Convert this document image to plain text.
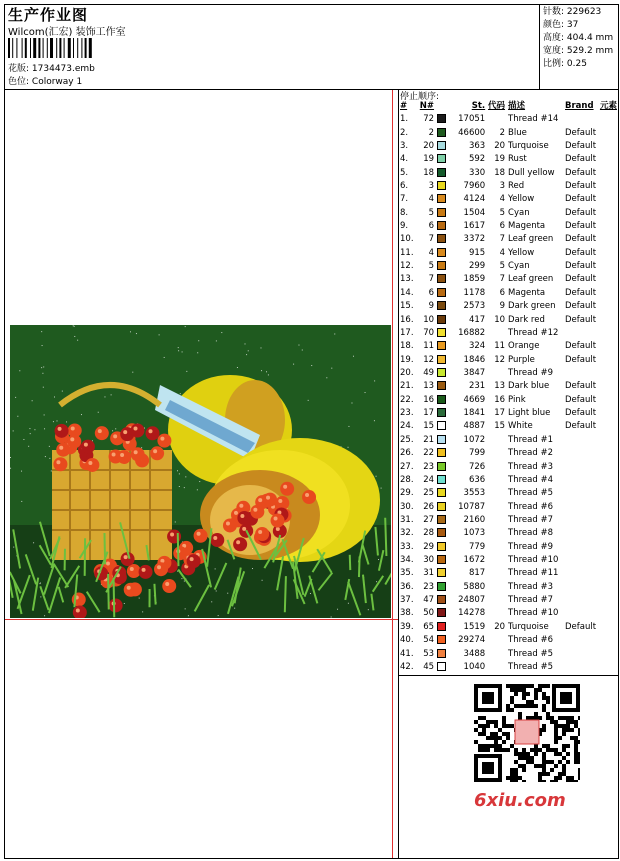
生产作业图
Wilcom(汇宏) 装饰工作室
花版: 1734473.emb
色位: Colorway 1
针数: 229623
颜色: 37
高度: 404.4 mm
宽度: 529.2 mm
比例: 0.25
停止顺序:
#	N#		St.	代码	描述	Brand	元素
1.	72		17051		Thread #14		
2.	2		46600	2	Blue	Default	
3.	20		363	20	Turquoise	Default	
4.	19		592	19	Rust	Default	
5.	18		330	18	Dull yellow	Default	
6.	3		7960	3	Red	Default	
7.	4		4124	4	Yellow	Default	
8.	5		1504	5	Cyan	Default	
9.	6		1617	6	Magenta	Default	
10.	7		3372	7	Leaf green	Default	
11.	4		915	4	Yellow	Default	
12.	5		299	5	Cyan	Default	
13.	7		1859	7	Leaf green	Default	
14.	6		1178	6	Magenta	Default	
15.	9		2573	9	Dark green	Default	
16.	10		417	10	Dark red	Default	
17.	70		16882		Thread #12		
18.	11		324	11	Orange	Default	
19.	12		1846	12	Purple	Default	
20.	49		3847		Thread #9		
21.	13		231	13	Dark blue	Default	
22.	16		4669	16	Pink	Default	
23.	17		1841	17	Light blue	Default	
24.	15		4887	15	White	Default	
25.	21		1072		Thread #1		
26.	22		799		Thread #2		
27.	23		726		Thread #3		
28.	24		636		Thread #4		
29.	25		3553		Thread #5		
30.	26		10787		Thread #6		
31.	27		2160		Thread #7		
32.	28		1073		Thread #8		
33.	29		779		Thread #9		
34.	30		1672		Thread #10		
35.	31		817		Thread #11		
36.	23		5880		Thread #3		
37.	47		24807		Thread #7		
38.	50		14278		Thread #10		
39.	65		1519	20	Turquoise	Default	
40.	54		29274		Thread #6		
41.	53		3488		Thread #5		
42.	45		1040		Thread #5		
6xiu.com
